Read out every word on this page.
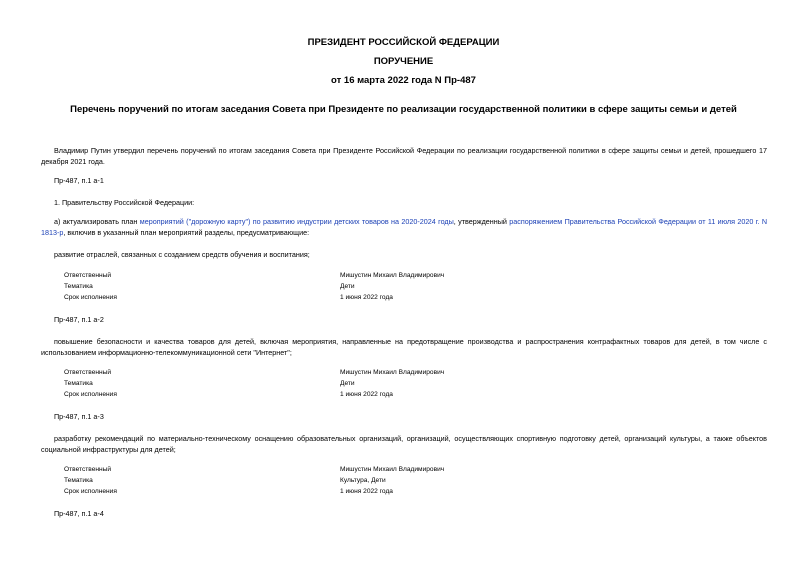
ПРЕЗИДЕНТ РОССИЙСКОЙ ФЕДЕРАЦИИ
ПОРУЧЕНИЕ
от 16 марта 2022 года N Пр-487
Перечень поручений по итогам заседания Совета при Президенте по реализации государственной политики в сфере защиты семьи и детей
Владимир Путин утвердил перечень поручений по итогам заседания Совета при Президенте Российской Федерации по реализации государственной политики в сфере защиты семьи и детей, прошедшего 17 декабря 2021 года.
Пр-487, п.1 а-1
1. Правительству Российской Федерации:
а) актуализировать план мероприятий ("дорожную карту") по развитию индустрии детских товаров на 2020-2024 годы, утвержденный распоряжением Правительства Российской Федерации от 11 июля 2020 г. N 1813-р, включив в указанный план мероприятий разделы, предусматривающие:
развитие отраслей, связанных с созданием средств обучения и воспитания;
Ответственный	Мишустин Михаил Владимирович
Тематика	Дети
Срок исполнения	1 июня 2022 года
Пр-487, п.1 а-2
повышение безопасности и качества товаров для детей, включая мероприятия, направленные на предотвращение производства и распространения контрафактных товаров для детей, в том числе с использованием информационно-телекоммуникационной сети "Интернет";
Ответственный	Мишустин Михаил Владимирович
Тематика	Дети
Срок исполнения	1 июня 2022 года
Пр-487, п.1 а-3
разработку рекомендаций по материально-техническому оснащению образовательных организаций, организаций, осуществляющих спортивную подготовку детей, организаций культуры, а также объектов социальной инфраструктуры для детей;
Ответственный	Мишустин Михаил Владимирович
Тематика	Культура, Дети
Срок исполнения	1 июня 2022 года
Пр-487, п.1 а-4
